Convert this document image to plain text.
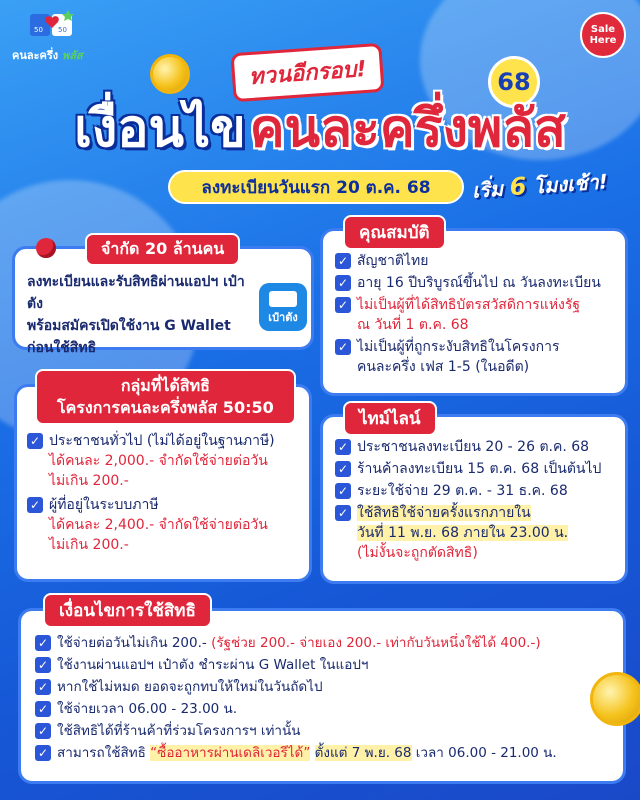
50 50
คนละครึ่ง พลัส
Sale
Here
ทวนอีกรอบ!	68
เงื่อนไข คนละครึ่งพลัส
ลงทะเบียนวันแรก 20 ต.ค. 68	เริ่ม 6 โมงเช้า!
จำกัด 20 ล้านคน
ลงทะเบียนและรับสิทธิผ่านแอปฯ เป๋าตัง
พร้อมสมัครเปิดใช้งาน G Wallet
ก่อนใช้สิทธิ
เป๋าตัง
คุณสมบัติ
✓ สัญชาติไทย
✓ อายุ 16 ปีบริบูรณ์ขึ้นไป ณ วันลงทะเบียน
✓ ไม่เป็นผู้ที่ได้สิทธิบัตรสวัสดิการแห่งรัฐ
ณ วันที่ 1 ต.ค. 68
✓ ไม่เป็นผู้ที่ถูกระงับสิทธิในโครงการ
คนละครึ่ง เฟส 1-5 (ในอดีต)
กลุ่มที่ได้สิทธิ
โครงการคนละครึ่งพลัส 50:50
✓ ประชาชนทั่วไป (ไม่ได้อยู่ในฐานภาษี)
ได้คนละ 2,000.- จำกัดใช้จ่ายต่อวัน
ไม่เกิน 200.-
✓ ผู้ที่อยู่ในระบบภาษี
ได้คนละ 2,400.- จำกัดใช้จ่ายต่อวัน
ไม่เกิน 200.-
ไทม์ไลน์
✓ ประชาชนลงทะเบียน 20 - 26 ต.ค. 68
✓ ร้านค้าลงทะเบียน 15 ต.ค. 68 เป็นต้นไป
✓ ระยะใช้จ่าย 29 ต.ค. - 31 ธ.ค. 68
✓ ใช้สิทธิใช้จ่ายครั้งแรกภายใน
วันที่ 11 พ.ย. 68 ภายใน 23.00 น.
(ไม่งั้นจะถูกตัดสิทธิ)
เงื่อนไขการใช้สิทธิ
✓ ใช้จ่ายต่อวันไม่เกิน 200.- (รัฐช่วย 200.- จ่ายเอง 200.- เท่ากับวันหนึ่งใช้ได้ 400.-)
✓ ใช้งานผ่านแอปฯ เป๋าตัง ชำระผ่าน G Wallet ในแอปฯ
✓ หากใช้ไม่หมด ยอดจะถูกทบให้ใหม่ในวันถัดไป
✓ ใช้จ่ายเวลา 06.00 - 23.00 น.
✓ ใช้สิทธิได้ที่ร้านค้าที่ร่วมโครงการฯ เท่านั้น
✓ สามารถใช้สิทธิ “ซื้ออาหารผ่านเดลิเวอรีได้” ตั้งแต่ 7 พ.ย. 68 เวลา 06.00 - 21.00 น.
